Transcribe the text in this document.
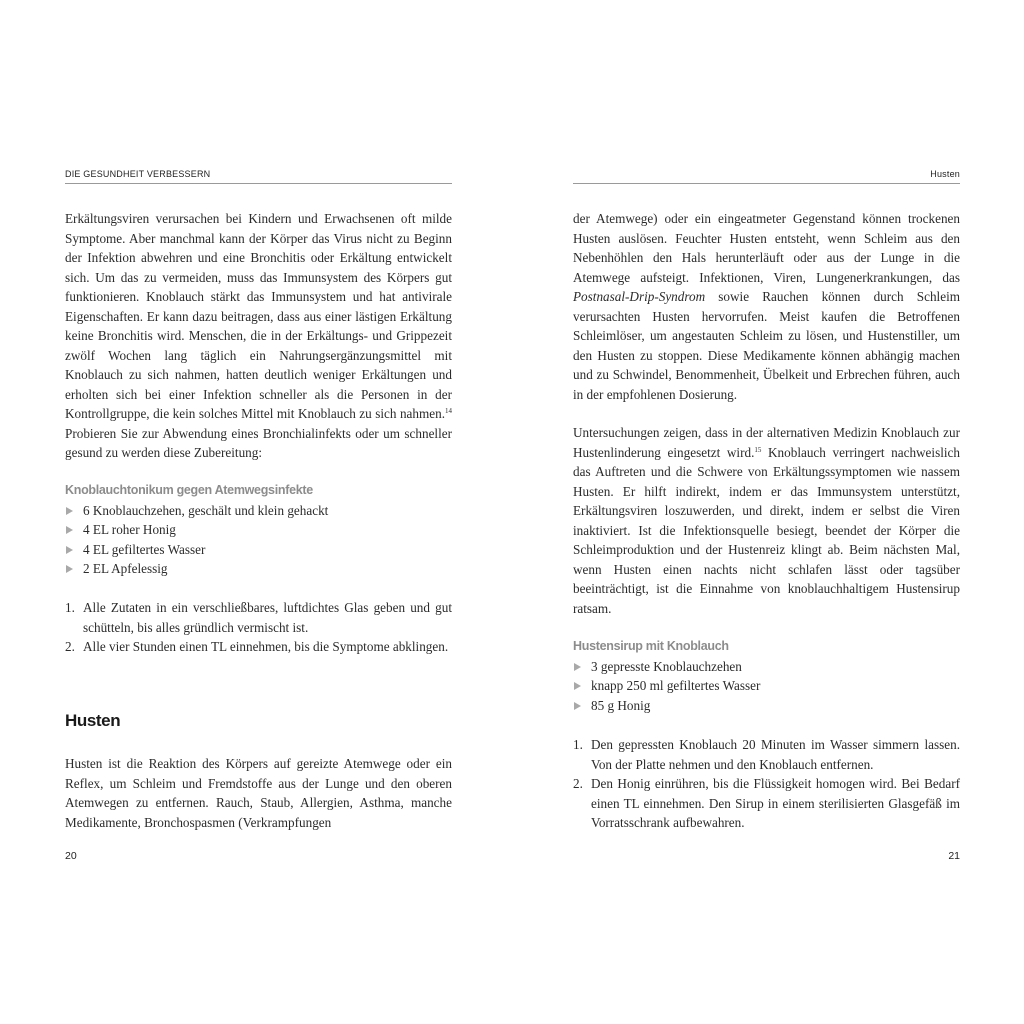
DIE GESUNDHEIT VERBESSERN

Erkältungsviren verursachen bei Kindern und Erwachsenen oft milde Symptome. Aber manchmal kann der Körper das Virus nicht zu Beginn der Infektion abwehren und eine Bronchitis oder Erkältung entwickelt sich. Um das zu vermeiden, muss das Immunsystem des Körpers gut funktionieren. Knoblauch stärkt das Immunsystem und hat antivirale Eigenschaften. Er kann dazu beitragen, dass aus einer lästigen Erkältung keine Bronchitis wird. Menschen, die in der Erkältungs- und Grippezeit zwölf Wochen lang täglich ein Nahrungsergänzungsmittel mit Knoblauch zu sich nahmen, hatten deutlich weniger Erkältungen und erholten sich bei einer Infektion schneller als die Personen in der Kontrollgruppe, die kein solches Mittel mit Knoblauch zu sich nahmen.$^{14}$ Probieren Sie zur Abwendung eines Bronchialinfekts oder um schneller gesund zu werden diese Zubereitung:

Knoblauchtonikum gegen Atemwegsinfekte
6 Knoblauchzehen, geschält und klein gehackt
4 EL roher Honig
4 EL gefiltertes Wasser
2 EL Apfelessig
1. Alle Zutaten in ein verschließbares, luftdichtes Glas geben und gut schütteln, bis alles gründlich vermischt ist.
2. Alle vier Stunden einen TL einnehmen, bis die Symptome abklingen.
Husten

Husten ist die Reaktion des Körpers auf gereizte Atemwege oder ein Reflex, um Schleim und Fremdstoffe aus der Lunge und den oberen Atemwegen zu entfernen. Rauch, Staub, Allergien, Asthma, manche Medikamente, Bronchospasmen (Verkrampfungen

20
Husten

der Atemwege) oder ein eingeatmeter Gegenstand können trockenen Husten auslösen. Feuchter Husten entsteht, wenn Schleim aus den Nebenhöhlen den Hals herunterläuft oder aus der Lunge in die Atemwege aufsteigt. Infektionen, Viren, Lungenerkrankungen, das Postnasal-Drip-Syndrom sowie Rauchen können durch Schleim verursachten Husten hervorrufen. Meist kaufen die Betroffenen Schleimlöser, um angestauten Schleim zu lösen, und Hustenstiller, um den Husten zu stoppen. Diese Medikamente können abhängig machen und zu Schwindel, Benommenheit, Übelkeit und Erbrechen führen, auch in der empfohlenen Dosierung.

Untersuchungen zeigen, dass in der alternativen Medizin Knoblauch zur Hustenlinderung eingesetzt wird.$^{15}$ Knoblauch verringert nachweislich das Auftreten und die Schwere von Erkältungssymptomen wie nassem Husten. Er hilft indirekt, indem er das Immunsystem unterstützt, Erkältungsviren loszuwerden, und direkt, indem er selbst die Viren inaktiviert. Ist die Infektionsquelle besiegt, beendet der Körper die Schleimproduktion und der Hustenreiz klingt ab. Beim nächsten Mal, wenn Husten einen nachts nicht schlafen lässt oder tagsüber beeinträchtigt, ist die Einnahme von knoblauchhaltigem Hustensirup ratsam.

Hustensirup mit Knoblauch
3 gepresste Knoblauchzehen
knapp 250 ml gefiltertes Wasser
85 g Honig
1. Den gepressten Knoblauch 20 Minuten im Wasser simmern lassen. Von der Platte nehmen und den Knoblauch entfernen.
2. Den Honig einrühren, bis die Flüssigkeit homogen wird. Bei Bedarf einen TL einnehmen. Den Sirup in einem sterilisierten Glasgefäß im Vorratsschrank aufbewahren.
21
